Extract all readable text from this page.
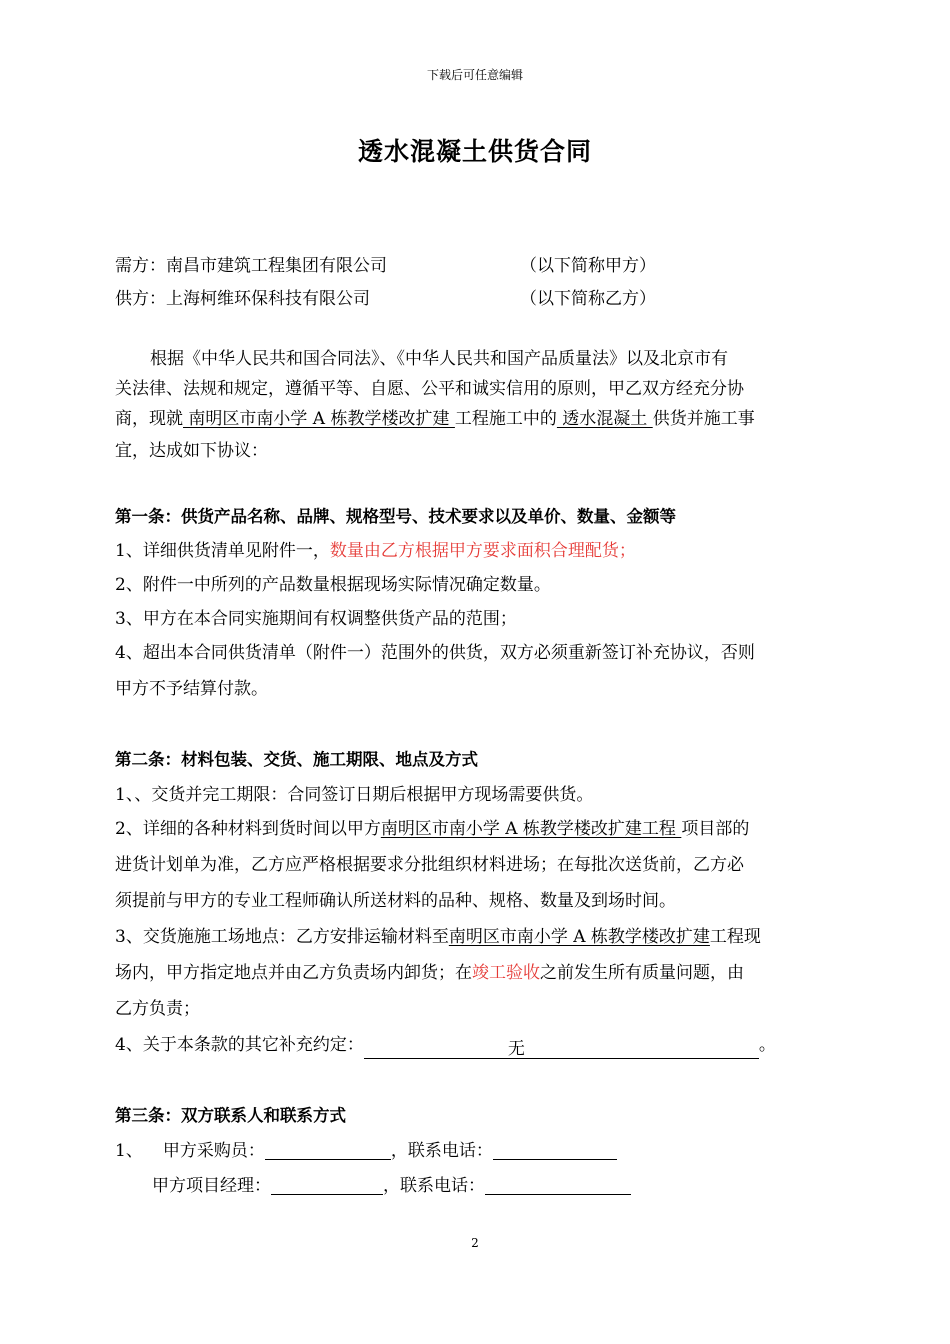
下载后可任意编辑
透水混凝土供货合同
需方：南昌市建筑工程集团有限公司	（以下简称甲方）
供方：上海柯维环保科技有限公司	（以下简称乙方）
根据《中华人民共和国合同法》、《中华人民共和国产品质量法》以及北京市有
关法律、法规和规定，遵循平等、自愿、公平和诚实信用的原则，甲乙双方经充分协
商，现就 南明区市南小学 A 栋教学楼改扩建 工程施工中的 透水混凝土 供货并施工事
宜，达成如下协议：
第一条：供货产品名称、品牌、规格型号、技术要求以及单价、数量、金额等
1、详细供货清单见附件一，数量由乙方根据甲方要求面积合理配货；
2、附件一中所列的产品数量根据现场实际情况确定数量。
3、甲方在本合同实施期间有权调整供货产品的范围；
4、超出本合同供货清单（附件一）范围外的供货，双方必须重新签订补充协议，否则
甲方不予结算付款。
第二条：材料包装、交货、施工期限、地点及方式
1、、交货并完工期限：合同签订日期后根据甲方现场需要供货。
2、详细的各种材料到货时间以甲方南明区市南小学 A 栋教学楼改扩建工程 项目部的
进货计划单为准，乙方应严格根据要求分批组织材料进场；在每批次送货前，乙方必
须提前与甲方的专业工程师确认所送材料的品种、规格、数量及到场时间。
3、交货施施工场地点：乙方安排运输材料至南明区市南小学 A 栋教学楼改扩建工程现
场内，甲方指定地点并由乙方负责场内卸货；在竣工验收之前发生所有质量问题，由
乙方负责；
4、关于本条款的其它补充约定：	无	。
第三条：双方联系人和联系方式
1、 甲方采购员：	，联系电话：
甲方项目经理：	，联系电话：
2
